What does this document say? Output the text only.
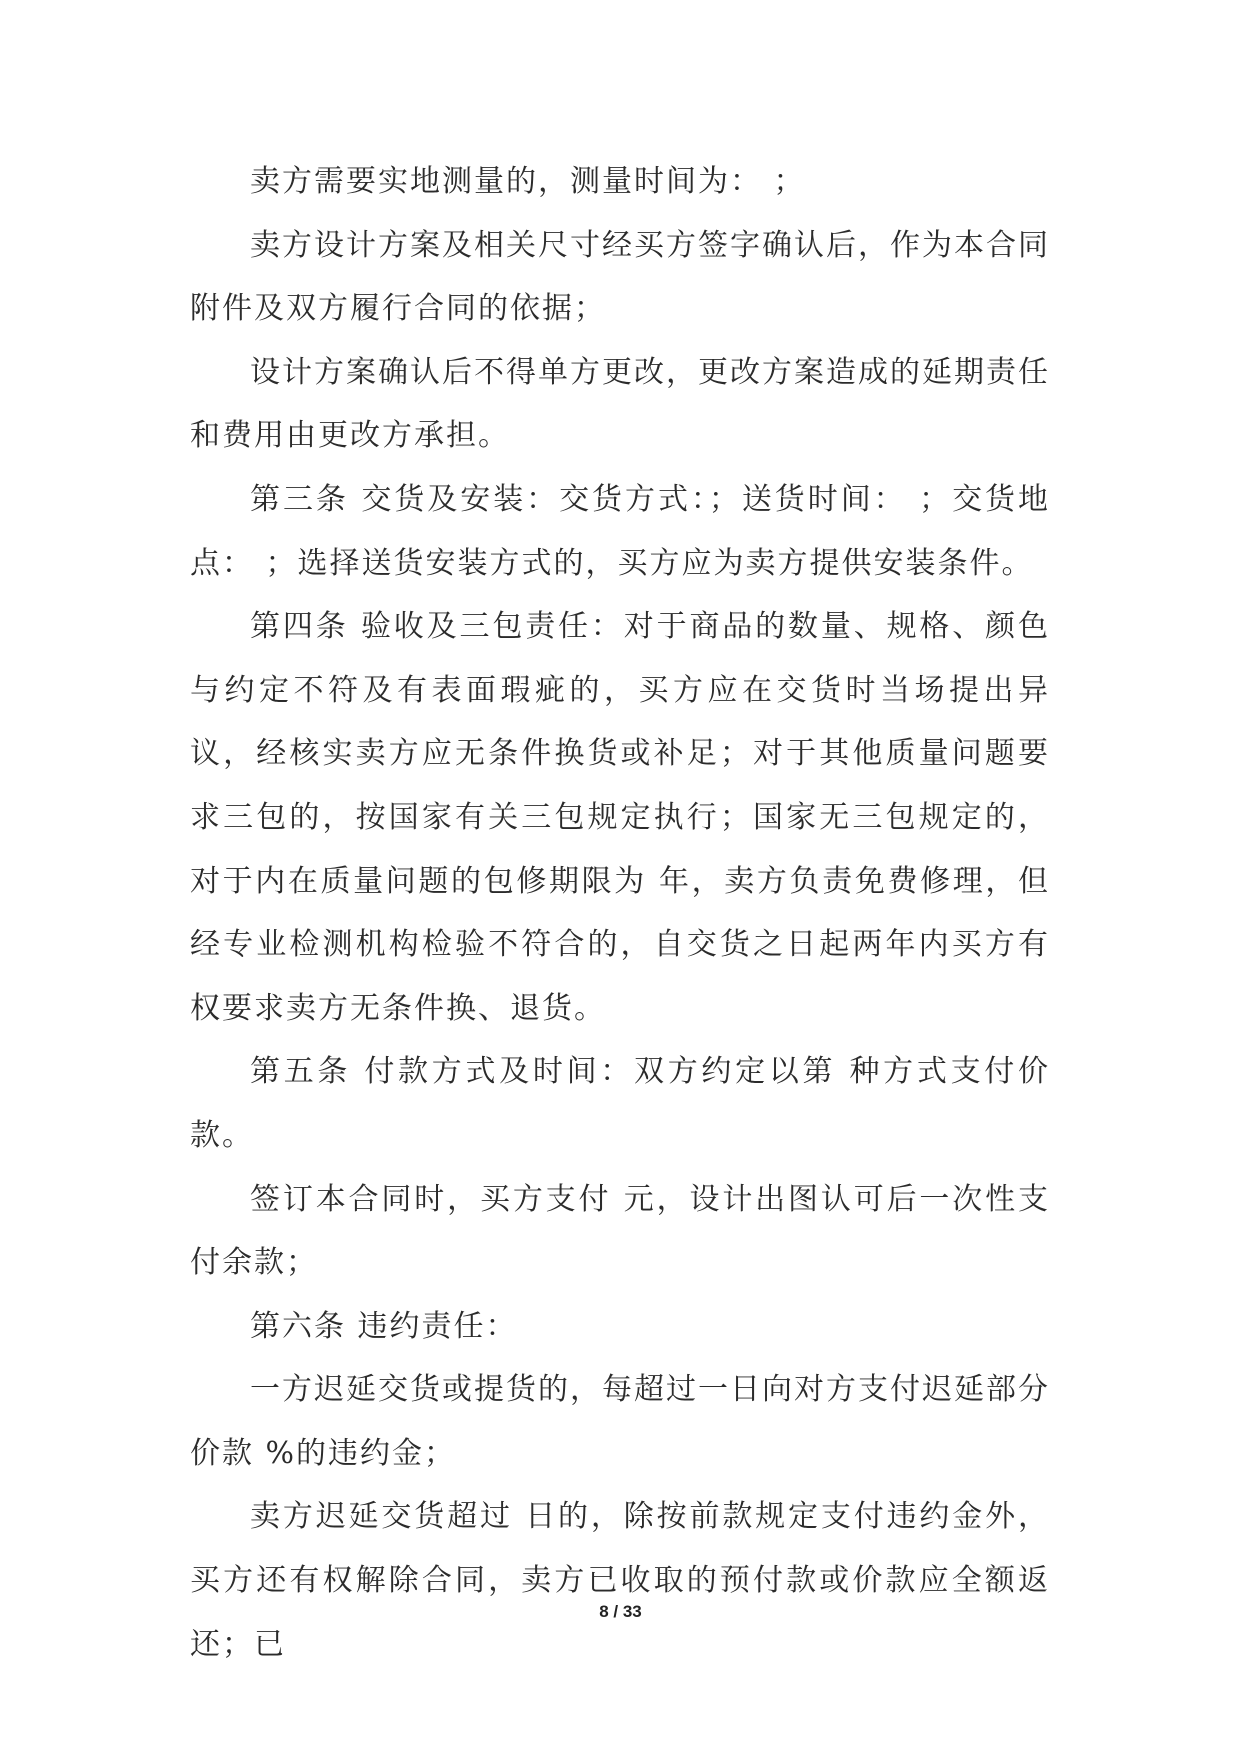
卖方需要实地测量的，测量时间为： ；

卖方设计方案及相关尺寸经买方签字确认后，作为本合同附件及双方履行合同的依据；

设计方案确认后不得单方更改，更改方案造成的延期责任和费用由更改方承担。

第三条 交货及安装：交货方式：；送货时间： ；交货地点： ；选择送货安装方式的，买方应为卖方提供安装条件。

第四条 验收及三包责任：对于商品的数量、规格、颜色与约定不符及有表面瑕疵的，买方应在交货时当场提出异议，经核实卖方应无条件换货或补足；对于其他质量问题要求三包的，按国家有关三包规定执行；国家无三包规定的，对于内在质量问题的包修期限为 年，卖方负责免费修理，但经专业检测机构检验不符合的，自交货之日起两年内买方有权要求卖方无条件换、退货。

第五条 付款方式及时间：双方约定以第 种方式支付价款。

签订本合同时，买方支付 元，设计出图认可后一次性支付余款；

第六条 违约责任：

一方迟延交货或提货的，每超过一日向对方支付迟延部分价款 %的违约金；

卖方迟延交货超过 日的，除按前款规定支付违约金外，买方还有权解除合同，卖方已收取的预付款或价款应全额返还；已

8 / 33
